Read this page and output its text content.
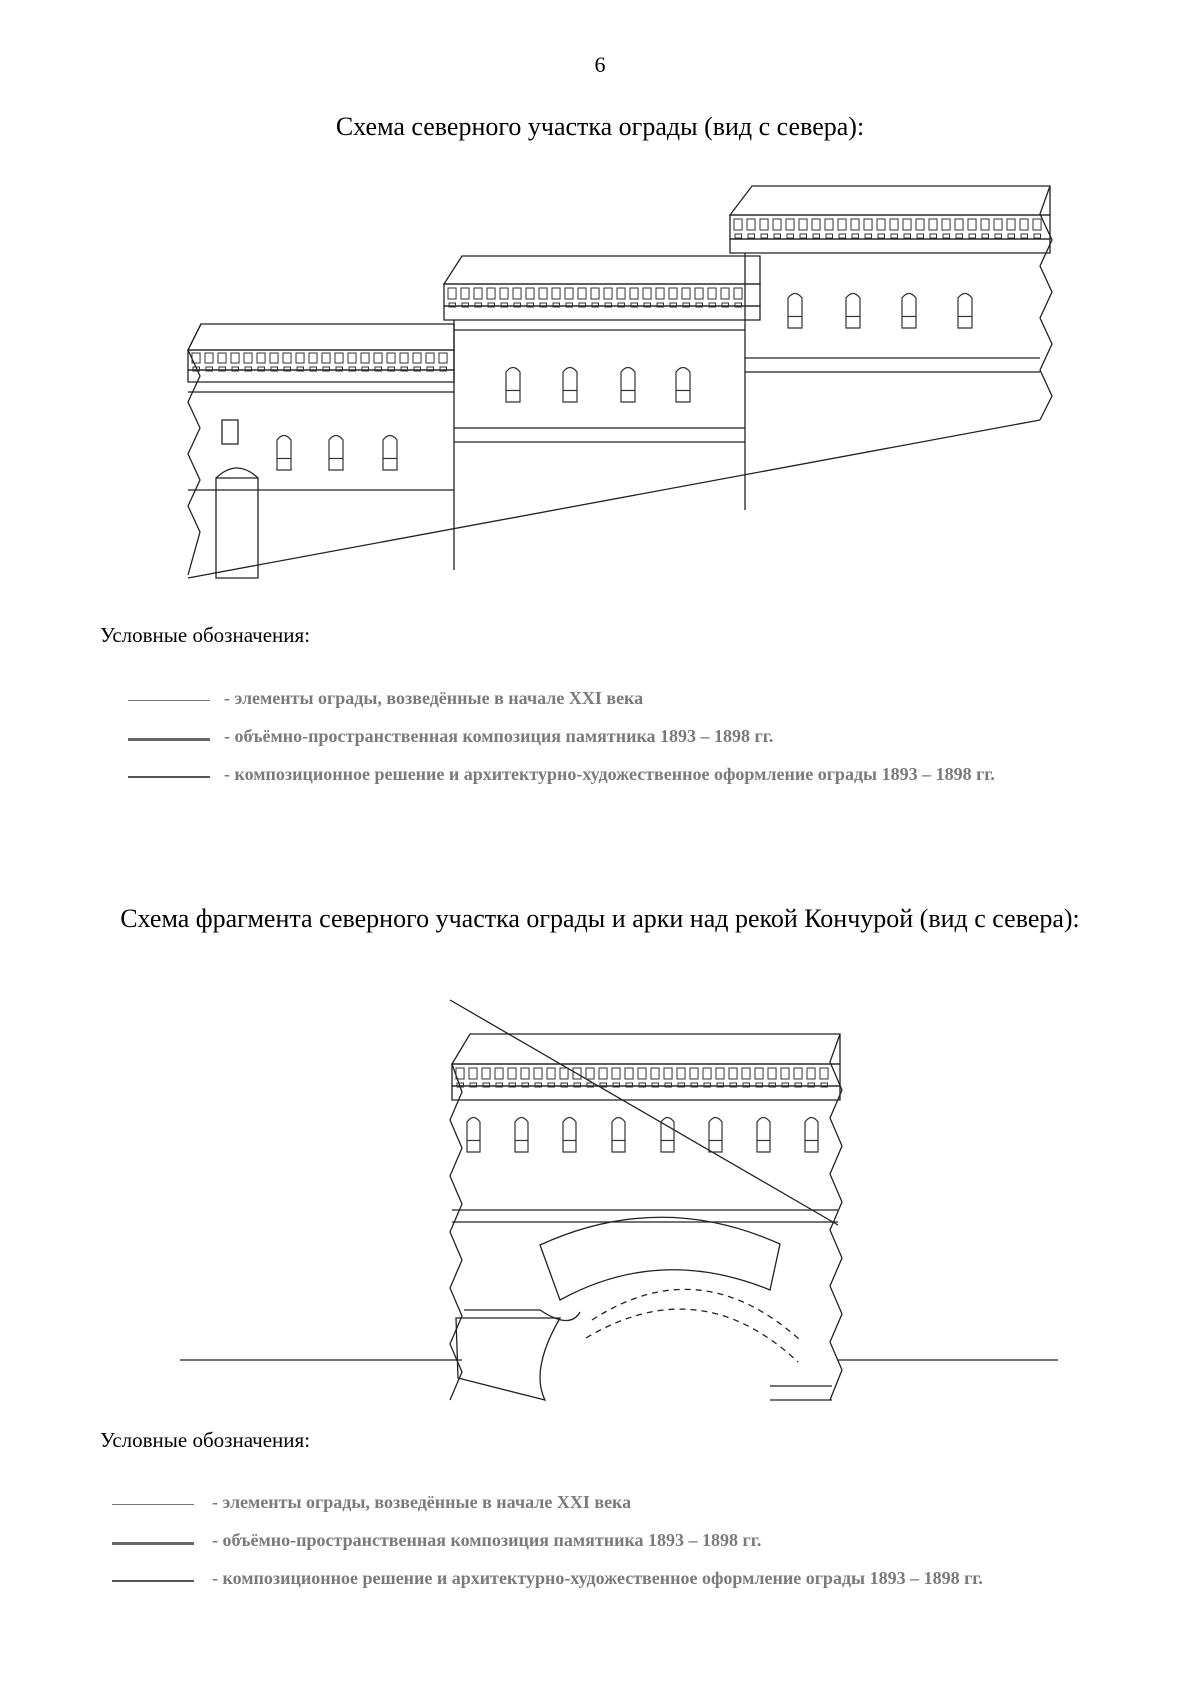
6
Схема северного участка ограды (вид с севера):
Условные обозначения:
- элементы ограды, возведённые в начале XXI века
- объёмно-пространственная композиция памятника 1893 – 1898 гг.
- композиционное решение и архитектурно-художественное оформление ограды 1893 – 1898 гг.
Схема фрагмента северного участка ограды и арки над рекой Кончурой (вид с севера):
Условные обозначения:
- элементы ограды, возведённые в начале XXI века
- объёмно-пространственная композиция памятника 1893 – 1898 гг.
- композиционное решение и архитектурно-художественное оформление ограды 1893 – 1898 гг.
